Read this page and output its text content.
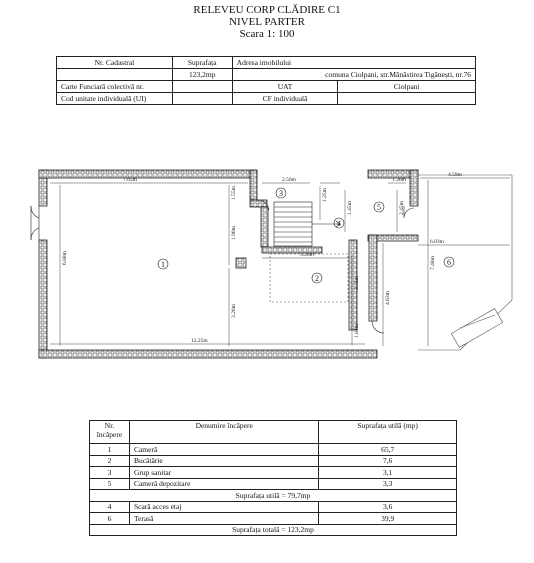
RELEVEU CORP CLĂDIRE C1
NIVEL PARTER
Scara 1: 100
Nr. Cadastral	Suprafața	Adresa imobilului	
	123,2mp	comuna Ciolpani, str.Mănăstirea Tigănești, nr.76	
Carte Funciară colectivă nr.		UAT	Ciolpani
Cod unitate individuală (UI)		CF individuală	
7.65m	2.50m	1.36m
4.59m
12.25m
3.28m
6.03m
6.88m
1.55m
1.90m
3.26m
1.25m
1.45m	2.45m
3.12m
7.48m
4.63m
1.84m
1
2
3
4
5
6
Nr. încăpere	Denumire încăpere	Suprafața utilă (mp)
1	Cameră	65,7
2	Bucătărie	7,6
3	Grup sanitar	3,1
5	Cameră depozitare	3,3
Suprafața utilă = 79,7mp		
4	Scară acces etaj	3,6
6	Terasă	39,9
Suprafața totală = 123,2mp		
